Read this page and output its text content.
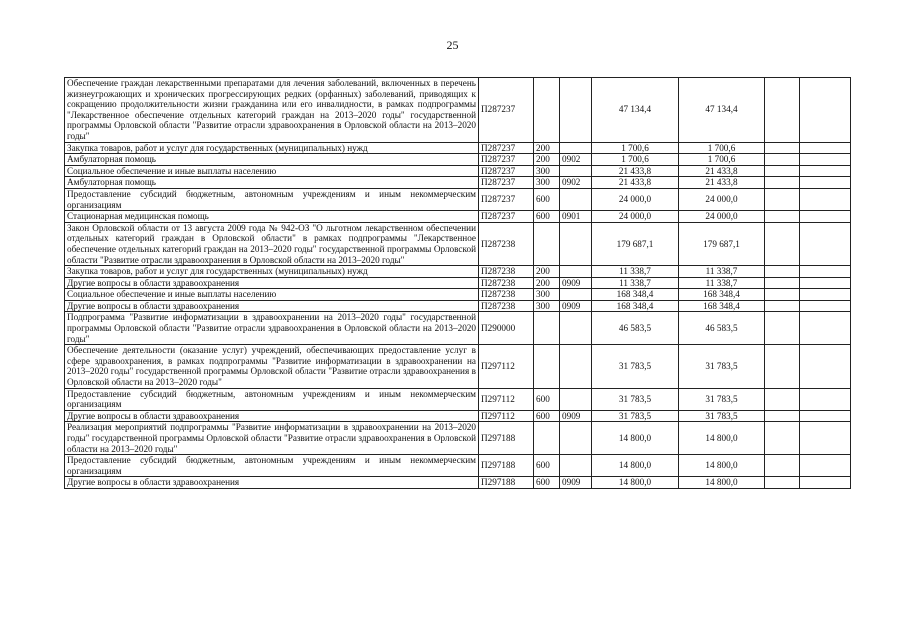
25
Обеспечение граждан лекарственными препаратами для лечения заболеваний, включенных в перечень жизнеугрожающих и хронических прогрессирующих редких (орфанных) заболеваний, приводящих к сокращению продолжительности жизни гражданина или его инвалидности, в рамках подпрограммы "Лекарственное обеспечение отдельных категорий граждан на 2013–2020 годы" государственной программы Орловской области "Развитие отрасли здравоохранения в Орловской области на 2013–2020 годы"	П287237			47 134,4	47 134,4		
Закупка товаров, работ и услуг для государственных (муниципальных) нужд	П287237	200		1 700,6	1 700,6		
Амбулаторная помощь	П287237	200	0902	1 700,6	1 700,6		
Социальное обеспечение и иные выплаты населению	П287237	300		21 433,8	21 433,8		
Амбулаторная помощь	П287237	300	0902	21 433,8	21 433,8		
Предоставление субсидий бюджетным, автономным учреждениям и иным некоммерческим организациям	П287237	600		24 000,0	24 000,0		
Стационарная медицинская помощь	П287237	600	0901	24 000,0	24 000,0		
Закон Орловской области от 13 августа 2009 года № 942-ОЗ "О льготном лекарственном обеспечении отдельных категорий граждан в Орловской области" в рамках подпрограммы "Лекарственное обеспечение отдельных категорий граждан на 2013–2020 годы" государственной программы Орловской области "Развитие отрасли здравоохранения в Орловской области на 2013–2020 годы"	П287238			179 687,1	179 687,1		
Закупка товаров, работ и услуг для государственных (муниципальных) нужд	П287238	200		11 338,7	11 338,7		
Другие вопросы в области здравоохранения	П287238	200	0909	11 338,7	11 338,7		
Социальное обеспечение и иные выплаты населению	П287238	300		168 348,4	168 348,4		
Другие вопросы в области здравоохранения	П287238	300	0909	168 348,4	168 348,4		
Подпрограмма "Развитие информатизации в здравоохранении на 2013–2020 годы" государственной программы Орловской области "Развитие отрасли здравоохранения в Орловской области на 2013–2020 годы"	П290000			46 583,5	46 583,5		
Обеспечение деятельности (оказание услуг) учреждений, обеспечивающих предоставление услуг в сфере здравоохранения, в рамках подпрограммы "Развитие информатизации в здравоохранении на 2013–2020 годы" государственной программы Орловской области "Развитие отрасли здравоохранения в Орловской области на 2013–2020 годы"	П297112			31 783,5	31 783,5		
Предоставление субсидий бюджетным, автономным учреждениям и иным некоммерческим организациям	П297112	600		31 783,5	31 783,5		
Другие вопросы в области здравоохранения	П297112	600	0909	31 783,5	31 783,5		
Реализация мероприятий подпрограммы "Развитие информатизации в здравоохранении на 2013–2020 годы" государственной программы Орловской области "Развитие отрасли здравоохранения в Орловской области на 2013–2020 годы"	П297188			14 800,0	14 800,0		
Предоставление субсидий бюджетным, автономным учреждениям и иным некоммерческим организациям	П297188	600		14 800,0	14 800,0		
Другие вопросы в области здравоохранения	П297188	600	0909	14 800,0	14 800,0		
